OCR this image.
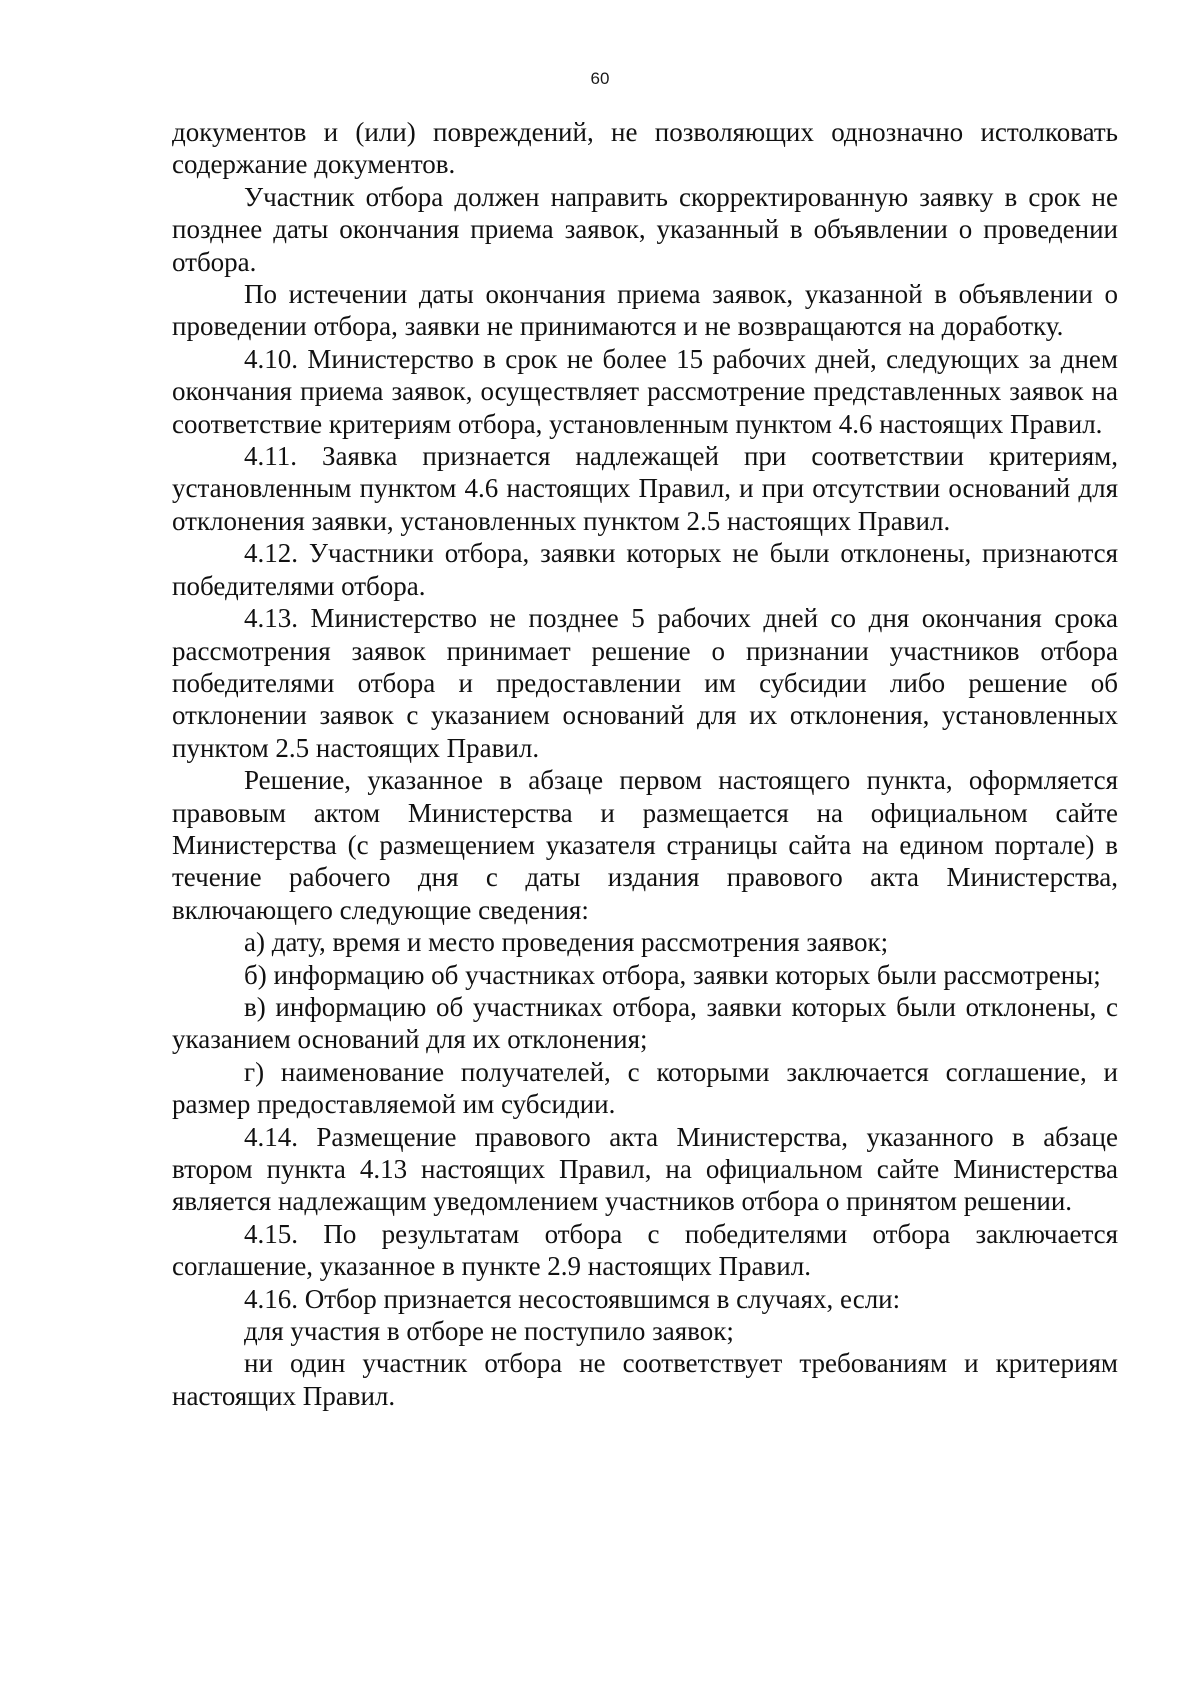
60

документов и (или) повреждений, не позволяющих однозначно истолковать содержание документов.

Участник отбора должен направить скорректированную заявку в срок не позднее даты окончания приема заявок, указанный в объявлении о проведении отбора.

По истечении даты окончания приема заявок, указанной в объявлении о проведении отбора, заявки не принимаются и не возвращаются на доработку.

4.10. Министерство в срок не более 15 рабочих дней, следующих за днем окончания приема заявок, осуществляет рассмотрение представленных заявок на соответствие критериям отбора, установленным пунктом 4.6 настоящих Правил.

4.11. Заявка признается надлежащей при соответствии критериям, установленным пунктом 4.6 настоящих Правил, и при отсутствии оснований для отклонения заявки, установленных пунктом 2.5 настоящих Правил.

4.12. Участники отбора, заявки которых не были отклонены, признаются победителями отбора.

4.13. Министерство не позднее 5 рабочих дней со дня окончания срока рассмотрения заявок принимает решение о признании участников отбора победителями отбора и предоставлении им субсидии либо решение об отклонении заявок с указанием оснований для их отклонения, установленных пунктом 2.5 настоящих Правил.

Решение, указанное в абзаце первом настоящего пункта, оформляется правовым актом Министерства и размещается на официальном сайте Министерства (с размещением указателя страницы сайта на едином портале) в течение рабочего дня с даты издания правового акта Министерства, включающего следующие сведения:

а) дату, время и место проведения рассмотрения заявок;

б) информацию об участниках отбора, заявки которых были рассмотрены;

в) информацию об участниках отбора, заявки которых были отклонены, с указанием оснований для их отклонения;

г) наименование получателей, с которыми заключается соглашение, и размер предоставляемой им субсидии.

4.14. Размещение правового акта Министерства, указанного в абзаце втором пункта 4.13 настоящих Правил, на официальном сайте Министерства является надлежащим уведомлением участников отбора о принятом решении.

4.15. По результатам отбора с победителями отбора заключается соглашение, указанное в пункте 2.9 настоящих Правил.

4.16. Отбор признается несостоявшимся в случаях, если:

для участия в отборе не поступило заявок;

ни один участник отбора не соответствует требованиям и критериям настоящих Правил.
